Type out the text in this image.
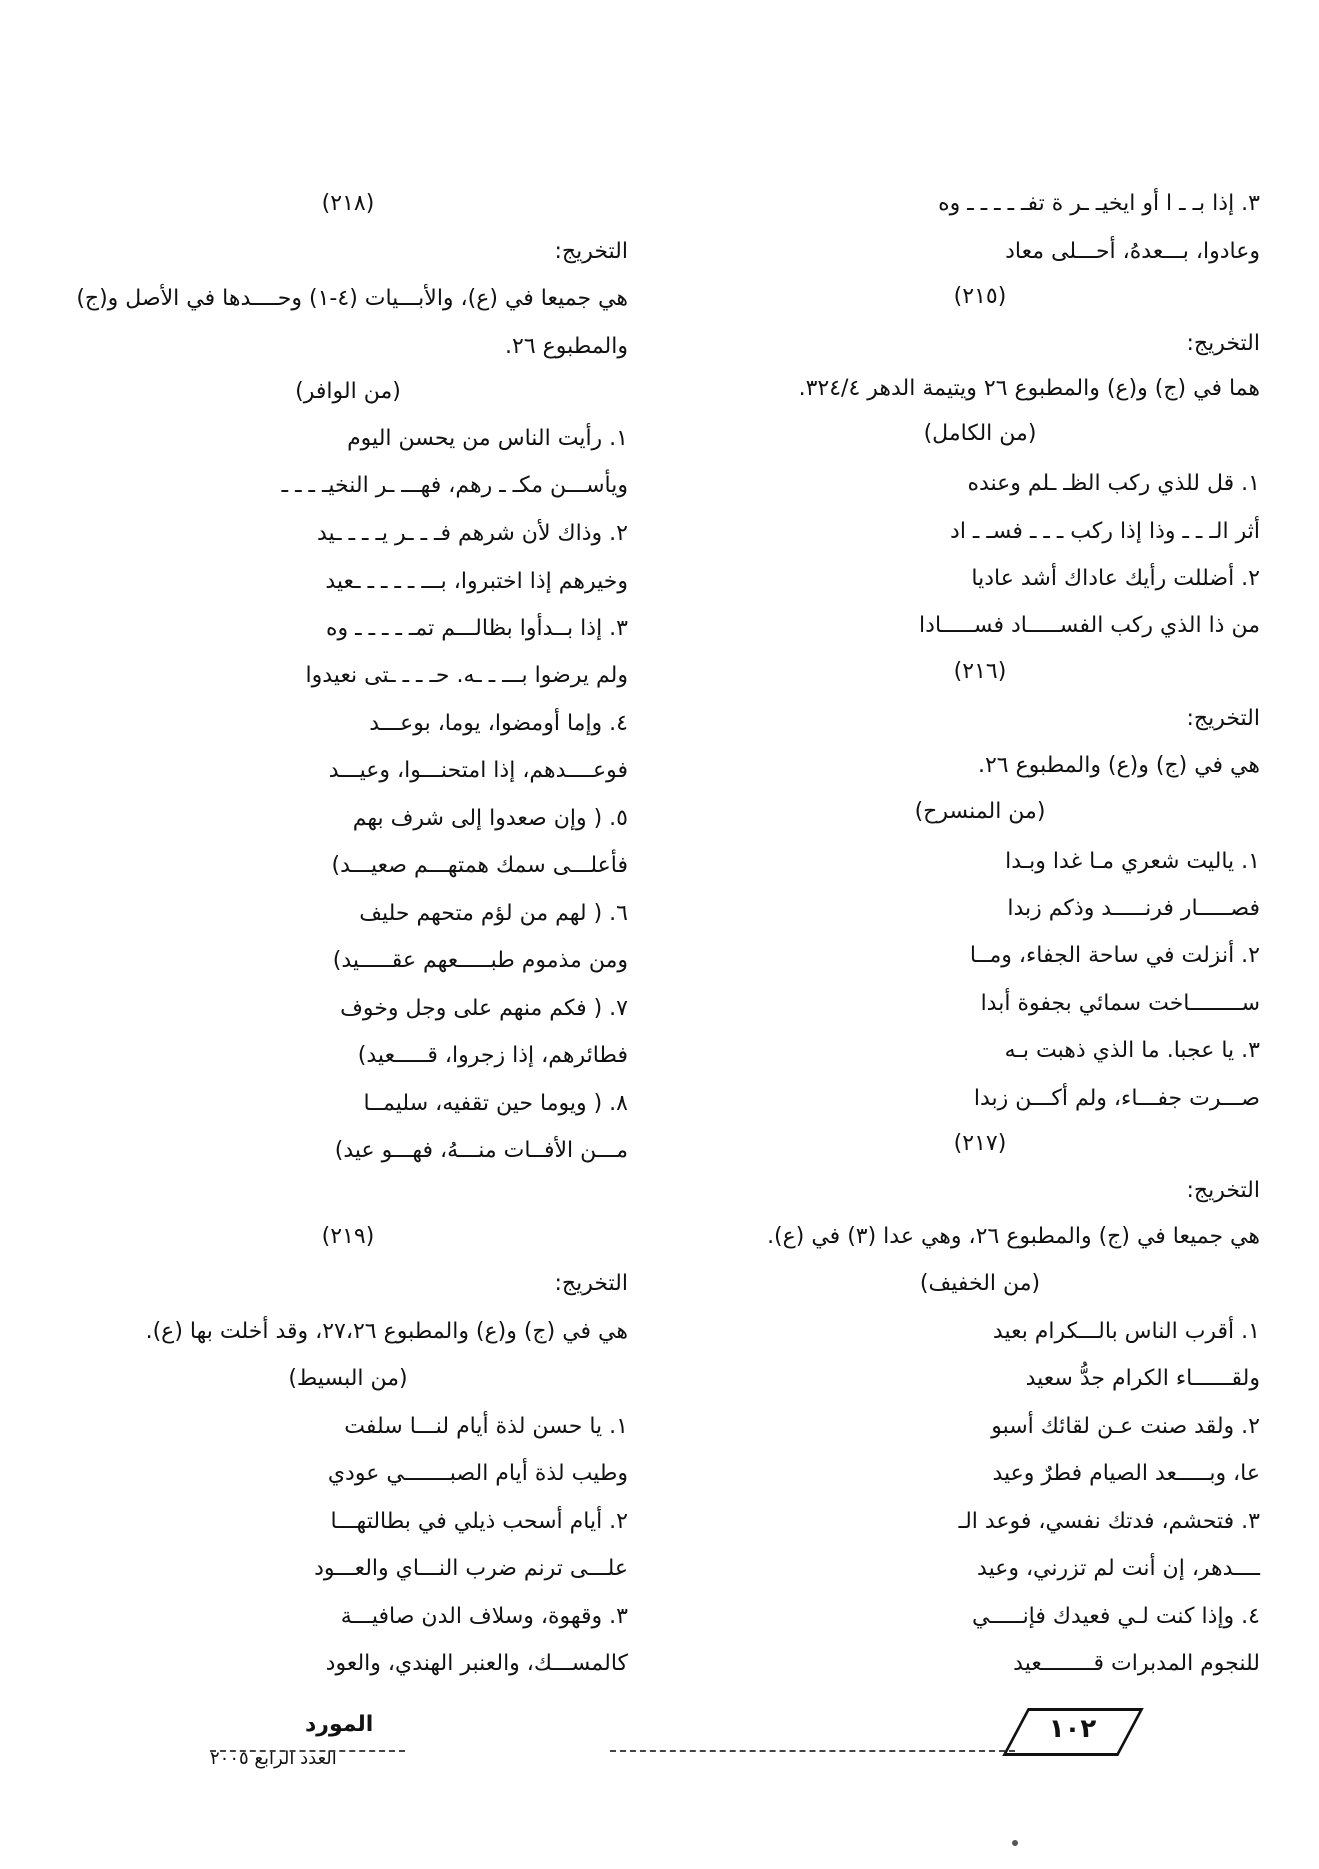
٣. إذا بـ ـ ا أو ايخيـ ـر ة تفـ ـ ـ ـ ـ وه
وعادوا، بـــعدهُ، أحـــلى معاد
(٢١٥)
التخريج:
هما في (ج) و(ع) والمطبوع ٢٦ ويتيمة الدهر ٣٢٤/٤.
(من الكامل)
١. قل للذي ركب الظـ ـلم وعنده
أثر الـ ـ ـ وذا إذا ركب ـ ـ ـ فسـ ـ اد
٢. أضللت رأيك عاداك أشد عاديا
من ذا الذي ركب الفســـــاد فســـــادا
(٢١٦)
التخريج:
هي في (ج) و(ع) والمطبوع ٢٦.
(من المنسرح)
١. ياليت شعري مـا غدا وبـدا
فصـــــار فرنـــــد وذكم زبدا
٢. أنزلت في ساحة الجفاء، ومــا
ســــــــاخت سمائي بجفوة أبدا
٣. يا عجبا. ما الذي ذهبت بـه
صـــرت جفـــاء، ولم أكـــن زبدا
(٢١٧)
التخريج:
هي جميعا في (ج) والمطبوع ٢٦، وهي عدا (٣) في (ع).
(من الخفيف)
١. أقرب الناس بالـــكرام بعيد
ولقــــــاء الكرام جدُّ سعيد
٢. ولقد صنت عـن لقائك أسبو
عا، وبـــــعد الصيام فطرٌ وعيد
٣. فتحشم، فدتك نفسي، فوعد الـ
ــــدهر، إن أنت لم تزرني، وعيد
٤. وإذا كنت لـي فعيدك فإنـــــي
للنجوم المدبرات قــــــــعيد
(٢١٨)
التخريج:
هي جميعا في (ع)، والأبـــيات (٤-١) وحــــدها في الأصل و(ج)
والمطبوع ٢٦.
(من الوافر)
١. رأيت الناس من يحسن اليوم
ويأســـن مكـ ـ رهم، فهـــ ـر النخيـ ـ ـ ـ
٢. وذاك لأن شرهم فـ ـ ـر يـ ـ ـ ـيد
وخيرهم إذا اختبروا، بـــ ـ ـ ـ ـ ـعيد
٣. إذا بــدأوا بظالـــم تمـ ـ ـ ـ ـ وه
ولم يرضوا بـــ ـ ـه. حـ ـ ـ ـتى نعيدوا
٤. وإما أومضوا، يوما، بوعـــد
فوعــــدهم، إذا امتحنـــوا، وعيـــد
٥. ( وإن صعدوا إلى شرف بهم
فأعلـــى سمك همتهـــم صعيـــد)
٦. ( لهم من لؤم متحهم حليف
ومن مذموم طبـــــعهم عقـــــيد)
٧. ( فكم منهم على وجل وخوف
فطائرهم، إذا زجروا، قـــــعيد)
٨. ( ويوما حين تقفيه، سليمــا
مـــن الأفــات منـــهُ، فهـــو عيد)
(٢١٩)
التخريج:
هي في (ج) و(ع) والمطبوع ٢٧،٢٦، وقد أخلت بها (ع).
(من البسيط)
١. يا حسن لذة أيام لنـــا سلفت
وطيب لذة أيام الصبـــــــي عودي
٢. أيام أسحب ذيلي في بطالتهـــا
علـــى ترنم ضرب النـــاي والعـــود
٣. وقهوة، وسلاف الدن صافيـــة
كالمســـك، والعنبر الهندي، والعود
المورد
العدد الرابع ٢٠٠٥
١٠٢
